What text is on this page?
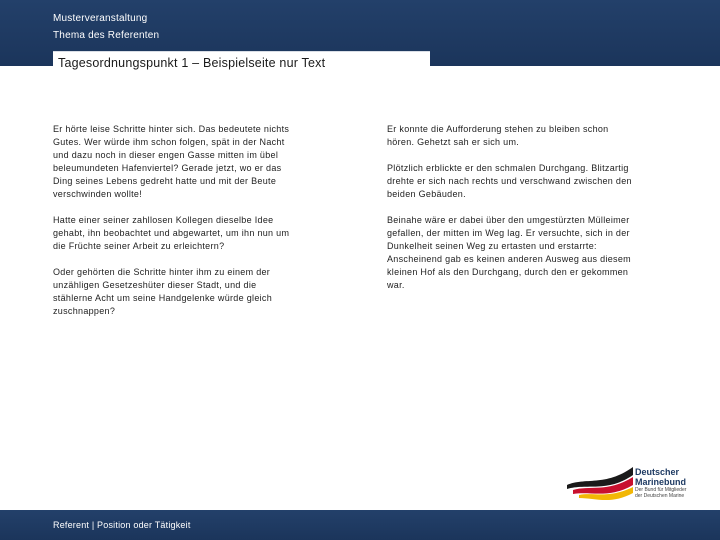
Musterveranstaltung
Thema des Referenten
Tagesordnungspunkt 1 – Beispielseite nur Text

Er hörte leise Schritte hinter sich. Das bedeutete nichts Gutes. Wer würde ihm schon folgen, spät in der Nacht und dazu noch in dieser engen Gasse mitten im übel beleumundeten Hafenviertel? Gerade jetzt, wo er das Ding seines Lebens gedreht hatte und mit der Beute verschwinden wollte!

Hatte einer seiner zahllosen Kollegen dieselbe Idee gehabt, ihn beobachtet und abgewartet, um ihn nun um die Früchte seiner Arbeit zu erleichtern?

Oder gehörten die Schritte hinter ihm zu einem der unzähligen Gesetzeshüter dieser Stadt, und die stählerne Acht um seine Handgelenke würde gleich zuschnappen?

Er konnte die Aufforderung stehen zu bleiben schon hören. Gehetzt sah er sich um.

Plötzlich erblickte er den schmalen Durchgang. Blitzartig drehte er sich nach rechts und verschwand zwischen den beiden Gebäuden.

Beinahe wäre er dabei über den umgestürzten Mülleimer gefallen, der mitten im Weg lag. Er versuchte, sich in der Dunkelheit seinen Weg zu ertasten und erstarrte: Anscheinend gab es keinen anderen Ausweg aus diesem kleinen Hof als den Durchgang, durch den er gekommen war.

Deutscher
Marinebund
Der Bund für Mitglieder
der Deutschen Marine
Referent | Position oder Tätigkeit
